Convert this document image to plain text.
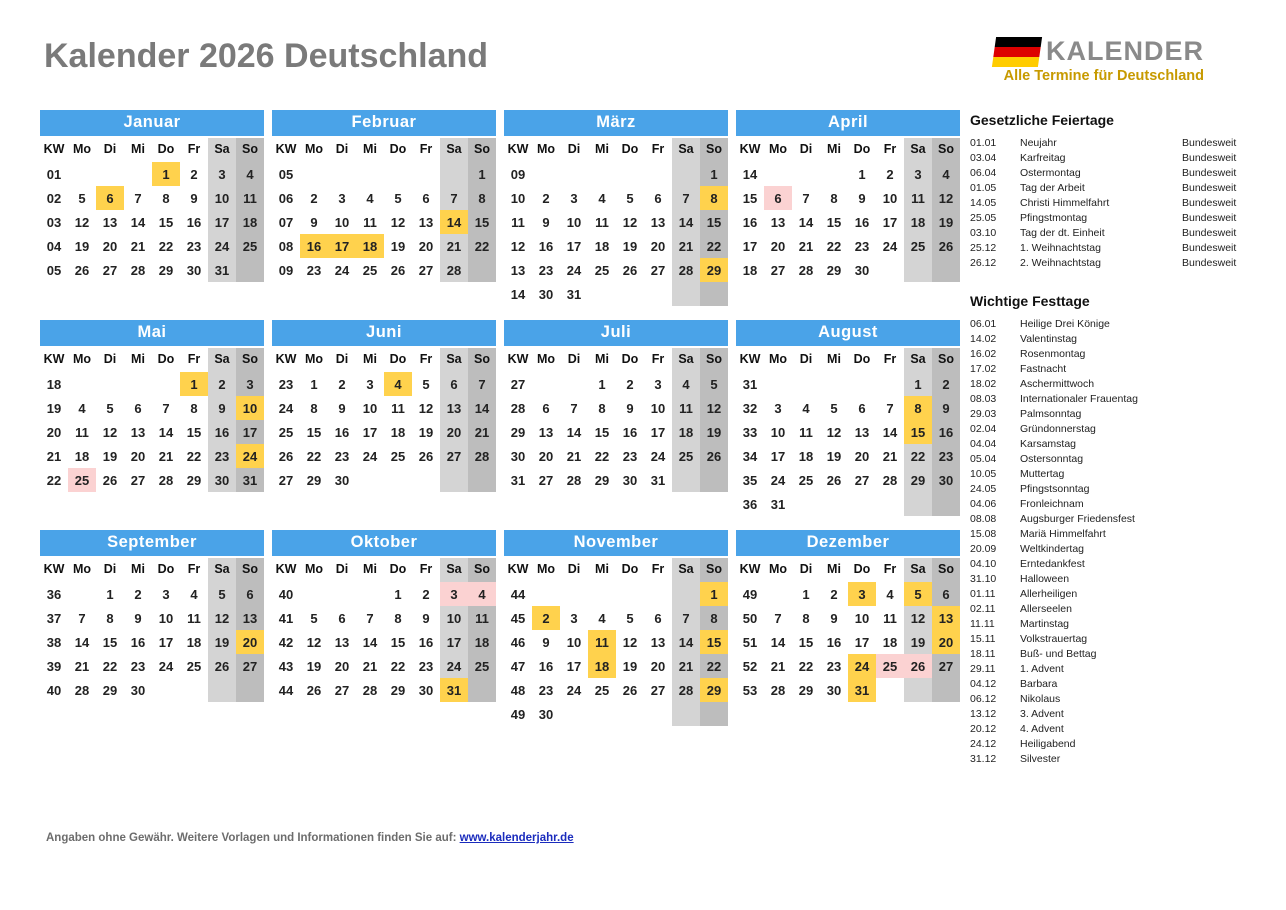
Kalender 2026 Deutschland	KALENDER
Alle Termine für Deutschland
Januar
KW	Mo	Di	Mi	Do	Fr	Sa	So
01				1	2	3	4
02	5	6	7	8	9	10	11
03	12	13	14	15	16	17	18
04	19	20	21	22	23	24	25
05	26	27	28	29	30	31	
Februar
KW	Mo	Di	Mi	Do	Fr	Sa	So
05							1
06	2	3	4	5	6	7	8
07	9	10	11	12	13	14	15
08	16	17	18	19	20	21	22
09	23	24	25	26	27	28	
März
KW	Mo	Di	Mi	Do	Fr	Sa	So
09							1
10	2	3	4	5	6	7	8
11	9	10	11	12	13	14	15
12	16	17	18	19	20	21	22
13	23	24	25	26	27	28	29
14	30	31					
April
KW	Mo	Di	Mi	Do	Fr	Sa	So
14				1	2	3	4
15	6	7	8	9	10	11	12
16	13	14	15	16	17	18	19
17	20	21	22	23	24	25	26
18	27	28	29	30			
Mai
KW	Mo	Di	Mi	Do	Fr	Sa	So
18					1	2	3
19	4	5	6	7	8	9	10
20	11	12	13	14	15	16	17
21	18	19	20	21	22	23	24
22	25	26	27	28	29	30	31
Juni
KW	Mo	Di	Mi	Do	Fr	Sa	So
23	1	2	3	4	5	6	7
24	8	9	10	11	12	13	14
25	15	16	17	18	19	20	21
26	22	23	24	25	26	27	28
27	29	30					
Juli
KW	Mo	Di	Mi	Do	Fr	Sa	So
27			1	2	3	4	5
28	6	7	8	9	10	11	12
29	13	14	15	16	17	18	19
30	20	21	22	23	24	25	26
31	27	28	29	30	31		
August
KW	Mo	Di	Mi	Do	Fr	Sa	So
31						1	2
32	3	4	5	6	7	8	9
33	10	11	12	13	14	15	16
34	17	18	19	20	21	22	23
35	24	25	26	27	28	29	30
36	31						
September
KW	Mo	Di	Mi	Do	Fr	Sa	So
36		1	2	3	4	5	6
37	7	8	9	10	11	12	13
38	14	15	16	17	18	19	20
39	21	22	23	24	25	26	27
40	28	29	30				
Oktober
KW	Mo	Di	Mi	Do	Fr	Sa	So
40				1	2	3	4
41	5	6	7	8	9	10	11
42	12	13	14	15	16	17	18
43	19	20	21	22	23	24	25
44	26	27	28	29	30	31	
November
KW	Mo	Di	Mi	Do	Fr	Sa	So
44							1
45	2	3	4	5	6	7	8
46	9	10	11	12	13	14	15
47	16	17	18	19	20	21	22
48	23	24	25	26	27	28	29
49	30						
Dezember
KW	Mo	Di	Mi	Do	Fr	Sa	So
49		1	2	3	4	5	6
50	7	8	9	10	11	12	13
51	14	15	16	17	18	19	20
52	21	22	23	24	25	26	27
53	28	29	30	31			
Gesetzliche Feiertage
01.01	Neujahr	Bundesweit
03.04	Karfreitag	Bundesweit
06.04	Ostermontag	Bundesweit
01.05	Tag der Arbeit	Bundesweit
14.05	Christi Himmelfahrt	Bundesweit
25.05	Pfingstmontag	Bundesweit
03.10	Tag der dt. Einheit	Bundesweit
25.12	1. Weihnachtstag	Bundesweit
26.12	2. Weihnachtstag	Bundesweit
Wichtige Festtage
06.01	Heilige Drei Könige
14.02	Valentinstag
16.02	Rosenmontag
17.02	Fastnacht
18.02	Aschermittwoch
08.03	Internationaler Frauentag
29.03	Palmsonntag
02.04	Gründonnerstag
04.04	Karsamstag
05.04	Ostersonntag
10.05	Muttertag
24.05	Pfingstsonntag
04.06	Fronleichnam
08.08	Augsburger Friedensfest
15.08	Mariä Himmelfahrt
20.09	Weltkindertag
04.10	Erntedankfest
31.10	Halloween
01.11	Allerheiligen
02.11	Allerseelen
11.11	Martinstag
15.11	Volkstrauertag
18.11	Buß- und Bettag
29.11	1. Advent
04.12	Barbara
06.12	Nikolaus
13.12	3. Advent
20.12	4. Advent
24.12	Heiligabend
31.12	Silvester
Angaben ohne Gewähr. Weitere Vorlagen und Informationen finden Sie auf: www.kalenderjahr.de
